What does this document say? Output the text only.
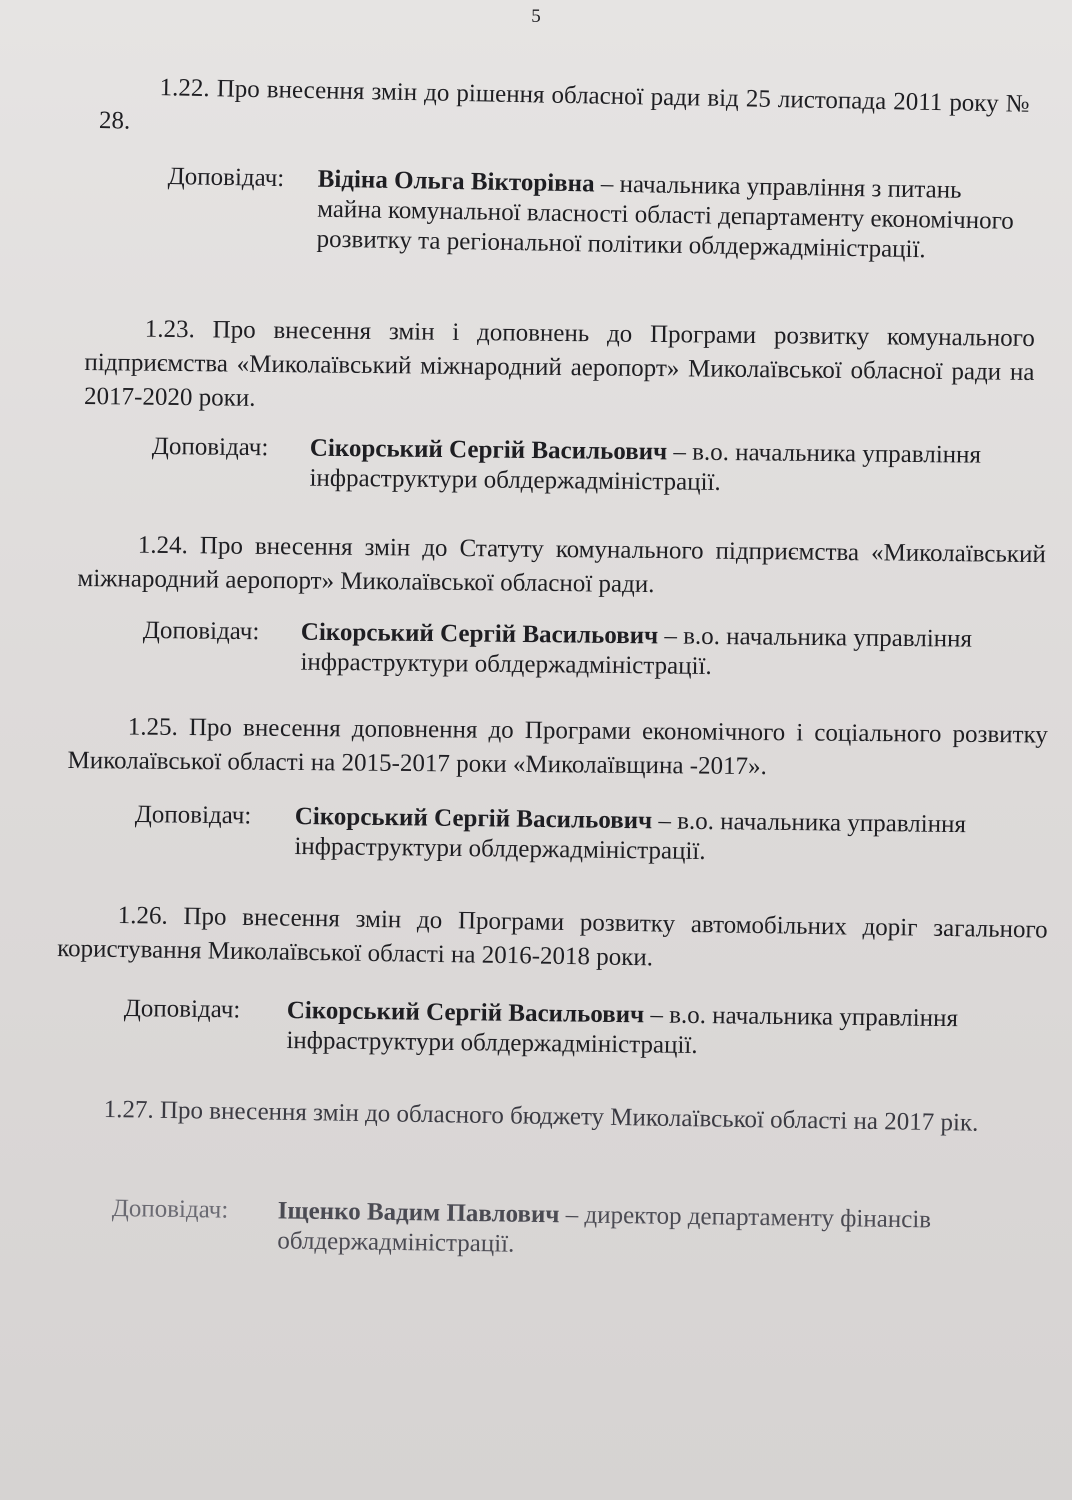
5

1.22. Про внесення змін до рішення обласної ради від 25 листопада 2011 року № 28.

Доповідач: Відіна Ольга Вікторівна – начальника управління з питань майна комунальної власності області департаменту економічного розвитку та регіональної політики облдержадміністрації.

1.23. Про внесення змін і доповнень до Програми розвитку комунального підприємства «Миколаївський міжнародний аеропорт» Миколаївської обласної ради на 2017-2020 роки.

Доповідач: Сікорський Сергій Васильович – в.о. начальника управління інфраструктури облдержадміністрації.

1.24. Про внесення змін до Статуту комунального підприємства «Миколаївський міжнародний аеропорт» Миколаївської обласної ради.

Доповідач: Сікорський Сергій Васильович – в.о. начальника управління інфраструктури облдержадміністрації.

1.25. Про внесення доповнення до Програми економічного і соціального розвитку Миколаївської області на 2015-2017 роки «Миколаївщина -2017».

Доповідач: Сікорський Сергій Васильович – в.о. начальника управління інфраструктури облдержадміністрації.

1.26. Про внесення змін до Програми розвитку автомобільних доріг загального користування Миколаївської області на 2016-2018 роки.

Доповідач: Сікорський Сергій Васильович – в.о. начальника управління інфраструктури облдержадміністрації.

1.27. Про внесення змін до обласного бюджету Миколаївської області на 2017 рік.

Доповідач: Іщенко Вадим Павлович – директор департаменту фінансів облдержадміністрації.
